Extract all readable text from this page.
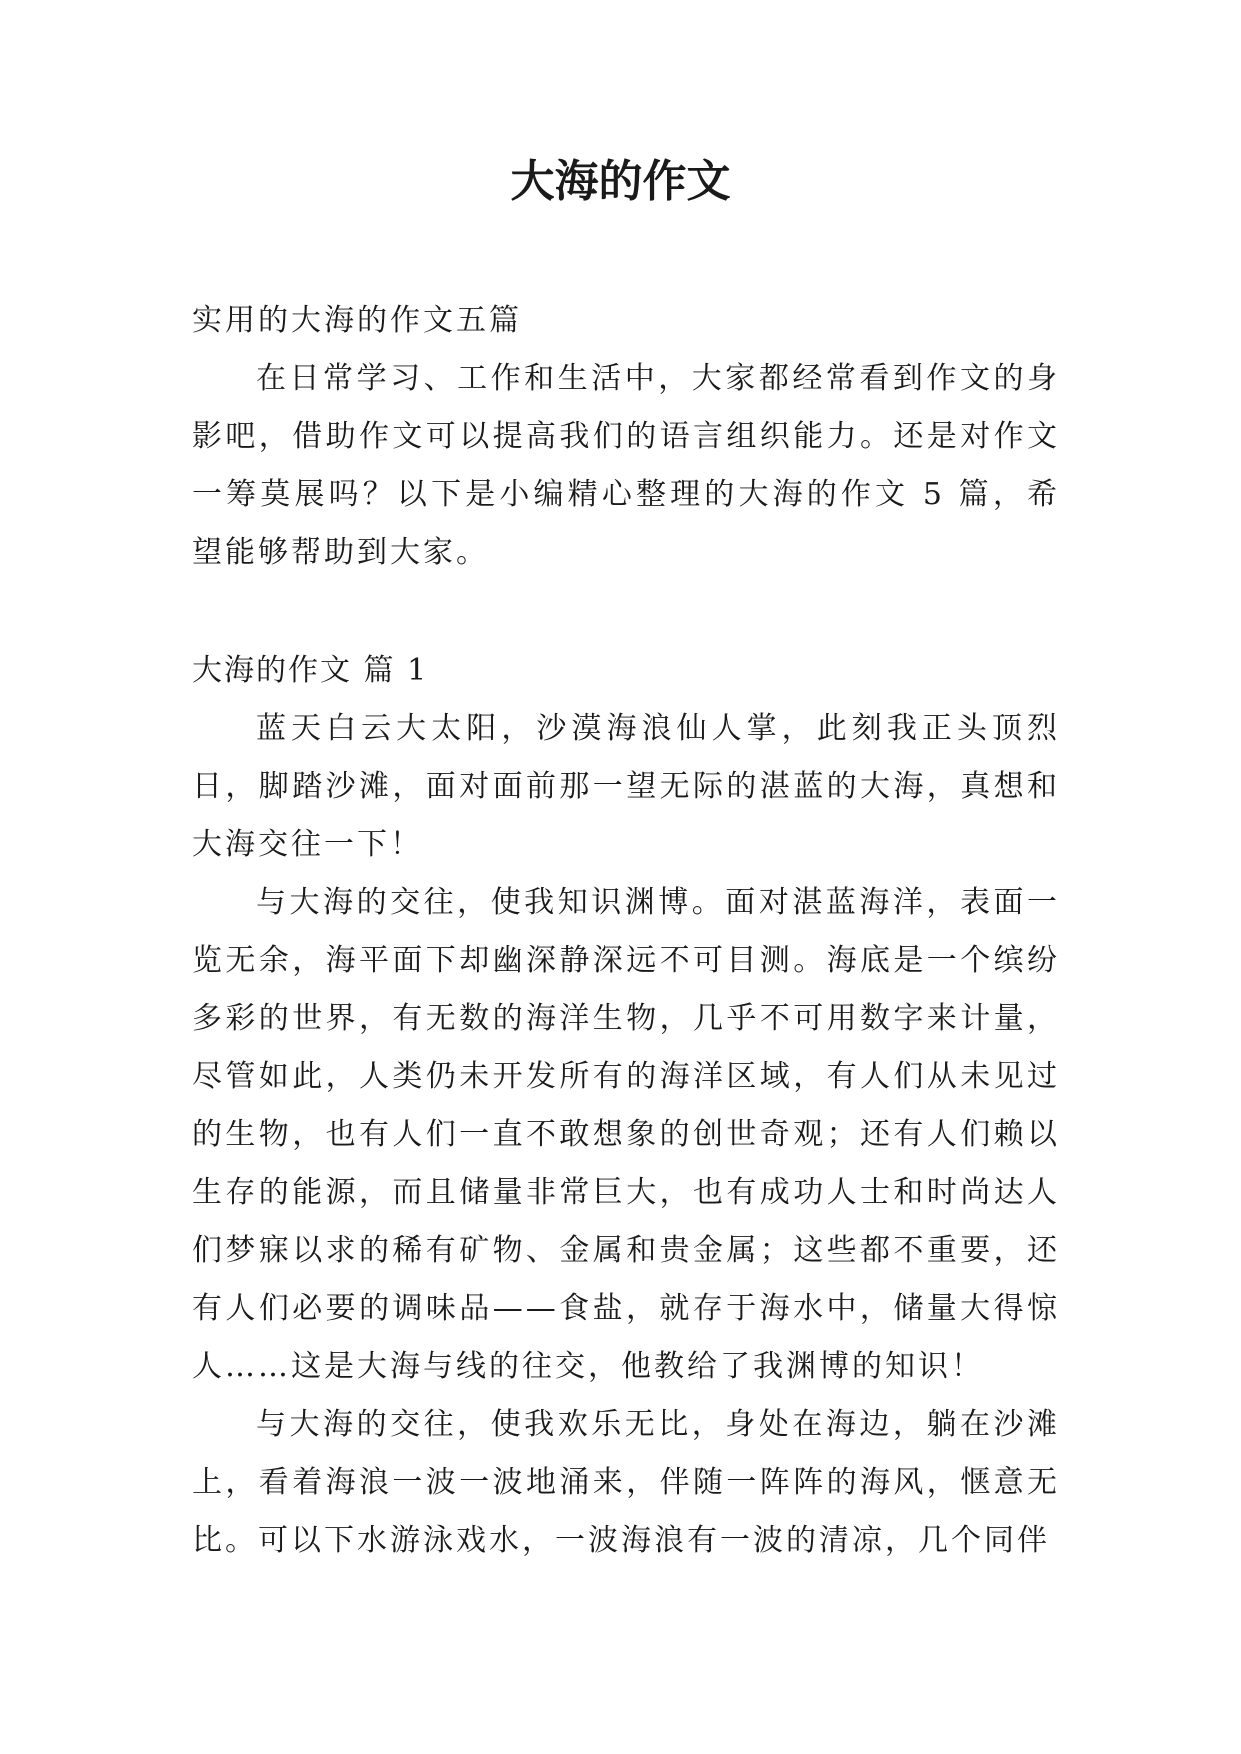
大海的作文

实用的大海的作文五篇

在日常学习、工作和生活中，大家都经常看到作文的身影吧，借助作文可以提高我们的语言组织能力。还是对作文一筹莫展吗？以下是小编精心整理的大海的作文 5 篇，希望能够帮助到大家。

大海的作文 篇 1

蓝天白云大太阳，沙漠海浪仙人掌，此刻我正头顶烈日，脚踏沙滩，面对面前那一望无际的湛蓝的大海，真想和大海交往一下！

与大海的交往，使我知识渊博。面对湛蓝海洋，表面一览无余，海平面下却幽深静深远不可目测。海底是一个缤纷多彩的世界，有无数的海洋生物，几乎不可用数字来计量，尽管如此，人类仍未开发所有的海洋区域，有人们从未见过的生物，也有人们一直不敢想象的创世奇观；还有人们赖以生存的能源，而且储量非常巨大，也有成功人士和时尚达人们梦寐以求的稀有矿物、金属和贵金属；这些都不重要，还有人们必要的调味品——食盐，就存于海水中，储量大得惊人……这是大海与线的往交，他教给了我渊博的知识！

与大海的交往，使我欢乐无比，身处在海边，躺在沙滩上，看着海浪一波一波地涌来，伴随一阵阵的海风，惬意无比。可以下水游泳戏水，一波海浪有一波的清凉，几个同伴
